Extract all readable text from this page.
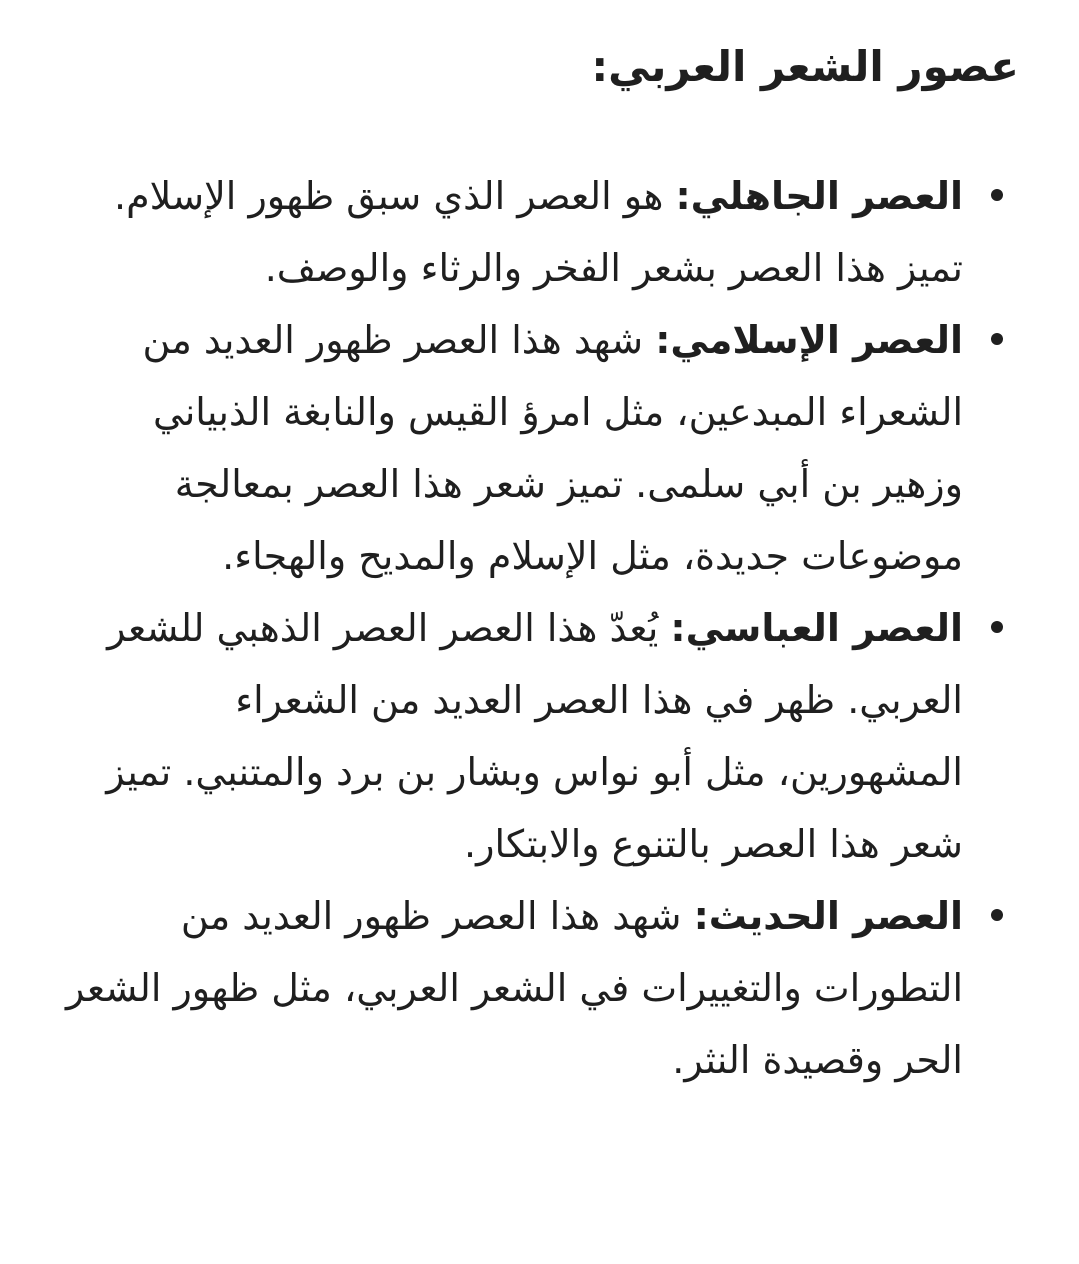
عصور الشعر العربي:
العصر الجاهلي: هو العصر الذي سبق ظهور الإسلام. تميز هذا العصر بشعر الفخر والرثاء والوصف.
العصر الإسلامي: شهد هذا العصر ظهور العديد من الشعراء المبدعين، مثل امرؤ القيس والنابغة الذبياني وزهير بن أبي سلمى. تميز شعر هذا العصر بمعالجة موضوعات جديدة، مثل الإسلام والمديح والهجاء.
العصر العباسي: يُعدّ هذا العصر العصر الذهبي للشعر العربي. ظهر في هذا العصر العديد من الشعراء المشهورين، مثل أبو نواس وبشار بن برد والمتنبي. تميز شعر هذا العصر بالتنوع والابتكار.
العصر الحديث: شهد هذا العصر ظهور العديد من التطورات والتغييرات في الشعر العربي، مثل ظهور الشعر الحر وقصيدة النثر.
